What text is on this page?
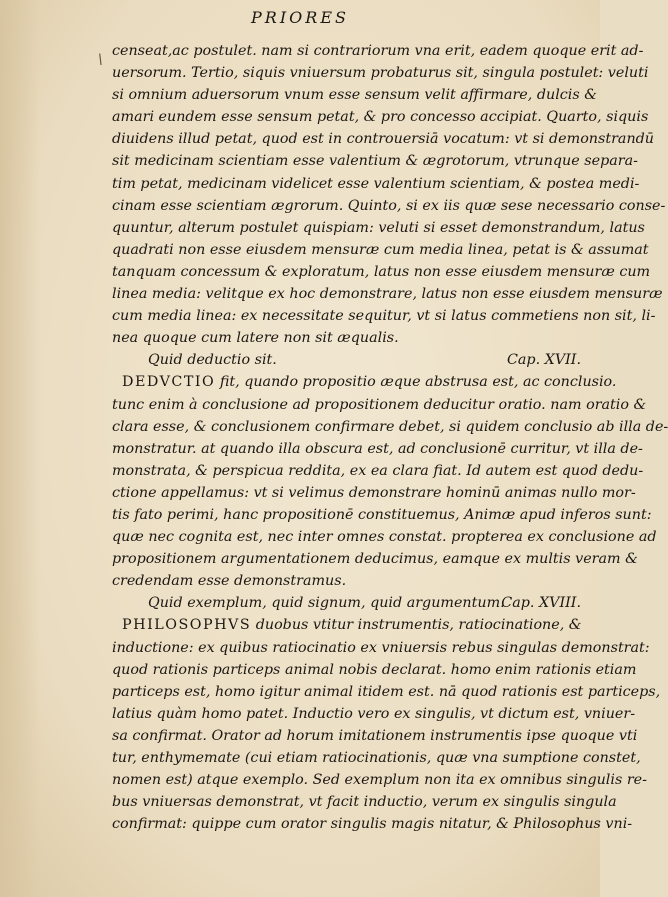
PRIORES
\
censeat,ac postulet. nam si contrariorum vna erit, eadem quoque erit ad-
uersorum. Tertio, siquis vniuersum probaturus sit, singula postulet: veluti
si omnium aduersorum vnum esse sensum velit affirmare, dulcis &
amari eundem esse sensum petat, & pro concesso accipiat. Quarto, siquis
diuidens illud petat, quod est in controuersiā vocatum: vt si demonstrandū
sit medicinam scientiam esse valentium & ægrotorum, vtrunque separa-
tim petat, medicinam videlicet esse valentium scientiam, & postea medi-
cinam esse scientiam ægrorum. Quinto, si ex iis quæ sese necessario conse-
quuntur, alterum postulet quispiam: veluti si esset demonstrandum, latus
quadrati non esse eiusdem mensuræ cum media linea, petat is & assumat
tanquam concessum & exploratum, latus non esse eiusdem mensuræ cum
linea media: velitque ex hoc demonstrare, latus non esse eiusdem mensuræ
cum media linea: ex necessitate sequitur, vt si latus commetiens non sit, li-
nea quoque cum latere non sit æqualis.
Cap. XVII.
Quid deductio sit.
DEDVCTIO fit, quando propositio æque abstrusa est, ac conclusio.
tunc enim à conclusione ad propositionem deducitur oratio. nam oratio &
clara esse, & conclusionem confirmare debet, si quidem conclusio ab illa de-
monstratur. at quando illa obscura est, ad conclusionē curritur, vt illa de-
monstrata, & perspicua reddita, ex ea clara fiat. Id autem est quod dedu-
ctione appellamus: vt si velimus demonstrare hominū animas nullo mor-
tis fato perimi, hanc propositionē constituemus, Animæ apud inferos sunt:
quæ nec cognita est, nec inter omnes constat. propterea ex conclusione ad
propositionem argumentationem deducimus, eamque ex multis veram &
credendam esse demonstramus.
Cap. XVIII.
Quid exemplum, quid signum, quid argumentum.
PHILOSOPHVS duobus vtitur instrumentis, ratiocinatione, &
inductione: ex quibus ratiocinatio ex vniuersis rebus singulas demonstrat:
quod rationis particeps animal nobis declarat. homo enim rationis etiam
particeps est, homo igitur animal itidem est. nā quod rationis est particeps,
latius quàm homo patet. Inductio vero ex singulis, vt dictum est, vniuer-
sa confirmat. Orator ad horum imitationem instrumentis ipse quoque vti
tur, enthymemate (cui etiam ratiocinationis, quæ vna sumptione constet,
nomen est) atque exemplo. Sed exemplum non ita ex omnibus singulis re-
bus vniuersas demonstrat, vt facit inductio, verum ex singulis singula
confirmat: quippe cum orator singulis magis nitatur, & Philosophus vni-
